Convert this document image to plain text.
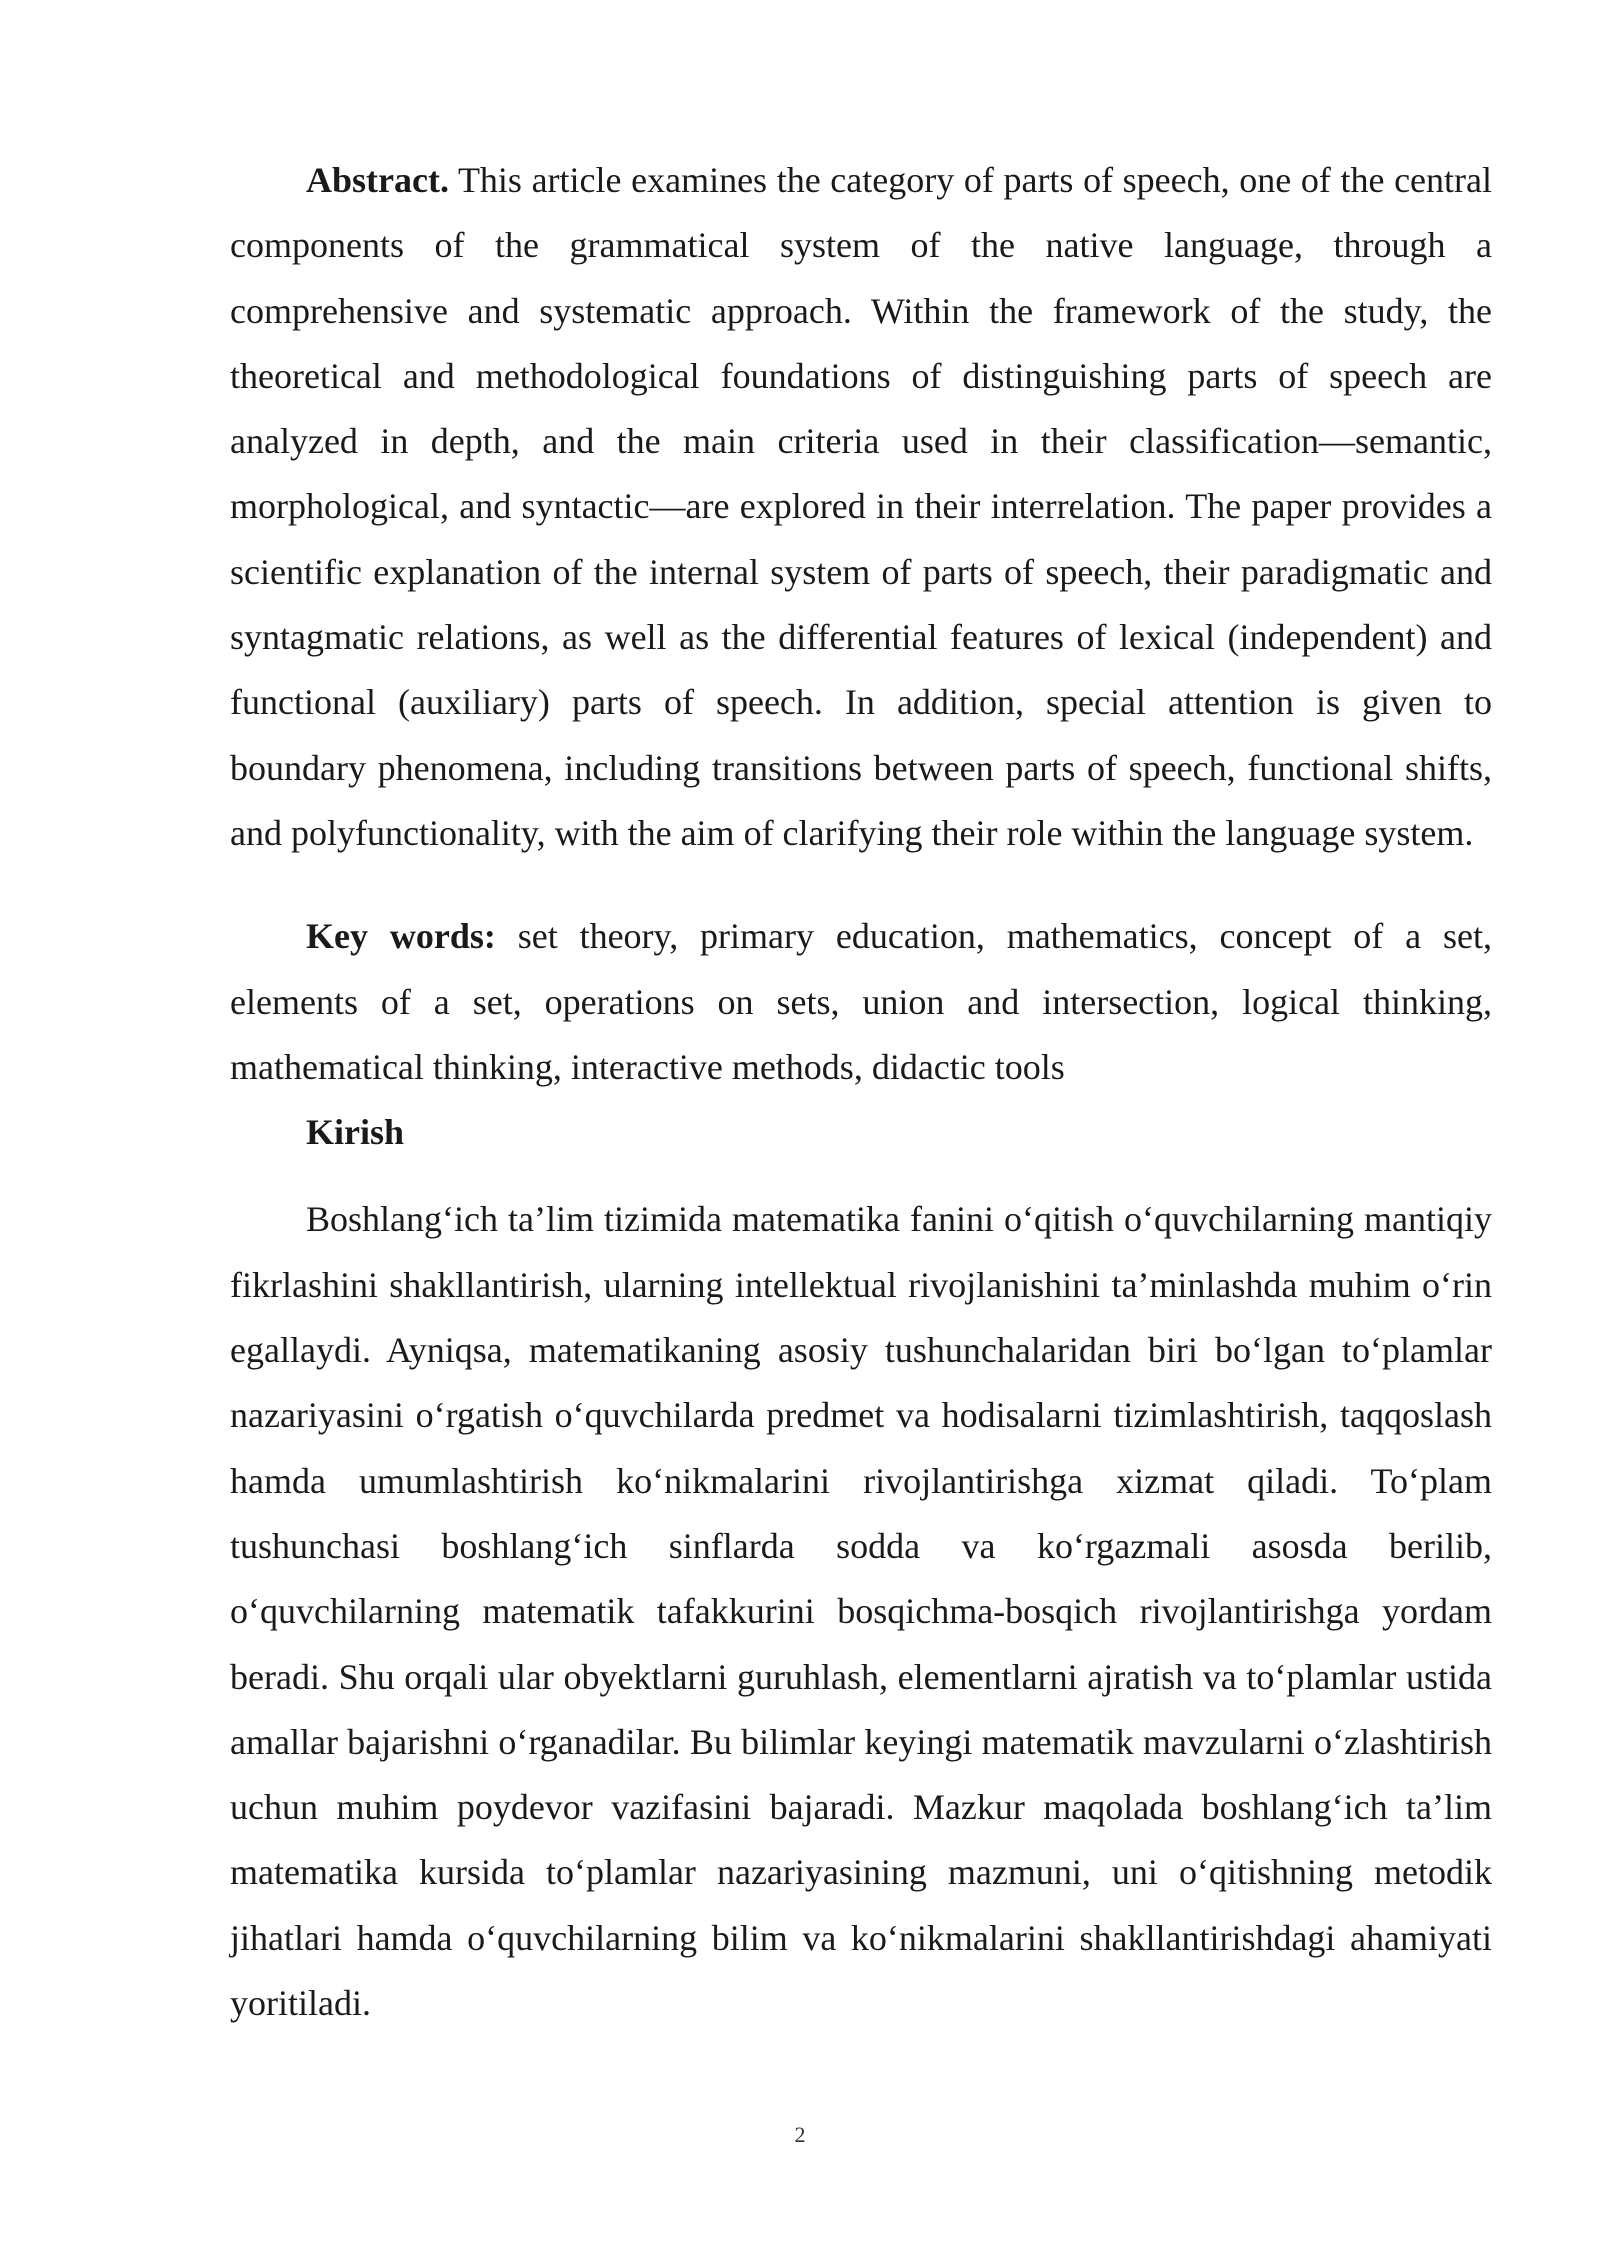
Abstract. This article examines the category of parts of speech, one of the central components of the grammatical system of the native language, through a comprehensive and systematic approach. Within the framework of the study, the theoretical and methodological foundations of distinguishing parts of speech are analyzed in depth, and the main criteria used in their classification—semantic, morphological, and syntactic—are explored in their interrelation. The paper provides a scientific explanation of the internal system of parts of speech, their paradigmatic and syntagmatic relations, as well as the differential features of lexical (independent) and functional (auxiliary) parts of speech. In addition, special attention is given to boundary phenomena, including transitions between parts of speech, functional shifts, and polyfunctionality, with the aim of clarifying their role within the language system.

Key words: set theory, primary education, mathematics, concept of a set, elements of a set, operations on sets, union and intersection, logical thinking, mathematical thinking, interactive methods, didactic tools

Kirish

Boshlang‘ich ta’lim tizimida matematika fanini o‘qitish o‘quvchilarning mantiqiy fikrlashini shakllantirish, ularning intellektual rivojlanishini ta’minlashda muhim o‘rin egallaydi. Ayniqsa, matematikaning asosiy tushunchalaridan biri bo‘lgan to‘plamlar nazariyasini o‘rgatish o‘quvchilarda predmet va hodisalarni tizimlashtirish, taqqoslash hamda umumlashtirish ko‘nikmalarini rivojlantirishga xizmat qiladi. To‘plam tushunchasi boshlang‘ich sinflarda sodda va ko‘rgazmali asosda berilib, o‘quvchilarning matematik tafakkurini bosqichma-bosqich rivojlantirishga yordam beradi. Shu orqali ular obyektlarni guruhlash, elementlarni ajratish va to‘plamlar ustida amallar bajarishni o‘rganadilar. Bu bilimlar keyingi matematik mavzularni o‘zlashtirish uchun muhim poydevor vazifasini bajaradi. Mazkur maqolada boshlang‘ich ta’lim matematika kursida to‘plamlar nazariyasining mazmuni, uni o‘qitishning metodik jihatlari hamda o‘quvchilarning bilim va ko‘nikmalarini shakllantirishdagi ahamiyati yoritiladi.

2
